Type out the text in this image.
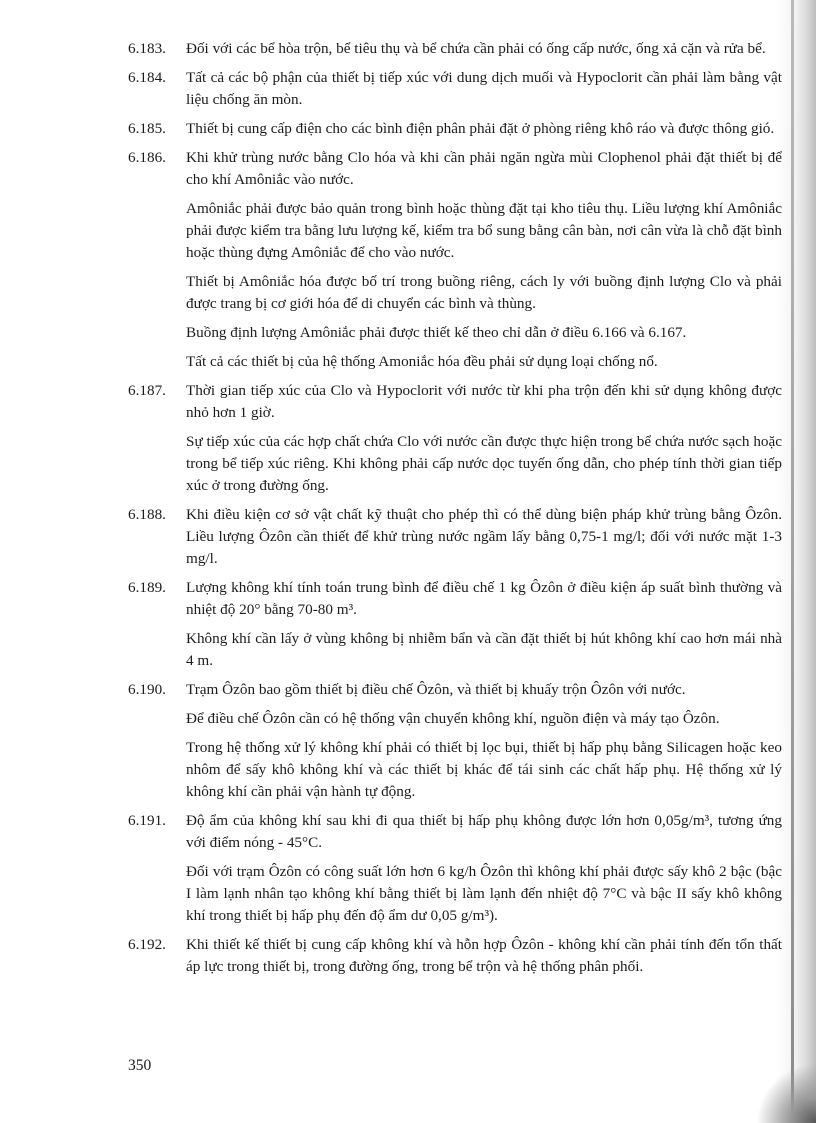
6.183.	Đối với các bể hòa trộn, bể tiêu thụ và bể chứa cần phải có ống cấp nước, ống xả cặn và rửa bể.

6.184.	Tất cả các bộ phận của thiết bị tiếp xúc với dung dịch muối và Hypoclorit cần phải làm bằng vật liệu chống ăn mòn.

6.185.	Thiết bị cung cấp điện cho các bình điện phân phải đặt ở phòng riêng khô ráo và được thông gió.

6.186.	Khi khử trùng nước bằng Clo hóa và khi cần phải ngăn ngừa mùi Clophenol phải đặt thiết bị để cho khí Amôniắc vào nước.

Amôniắc phải được bảo quản trong bình hoặc thùng đặt tại kho tiêu thụ. Liều lượng khí Amôniắc phải được kiểm tra bằng lưu lượng kế, kiểm tra bổ sung bằng cân bàn, nơi cân vừa là chỗ đặt bình hoặc thùng đựng Amôniắc để cho vào nước.

Thiết bị Amôniắc hóa được bố trí trong buồng riêng, cách ly với buồng định lượng Clo và phải được trang bị cơ giới hóa để di chuyển các bình và thùng.

Buồng định lượng Amôniắc phải được thiết kế theo chỉ dẫn ở điều 6.166 và 6.167.

Tất cả các thiết bị của hệ thống Amoniắc hóa đều phải sử dụng loại chống nổ.

6.187.	Thời gian tiếp xúc của Clo và Hypoclorit với nước từ khi pha trộn đến khi sử dụng không được nhỏ hơn 1 giờ.

Sự tiếp xúc của các hợp chất chứa Clo với nước cần được thực hiện trong bể chứa nước sạch hoặc trong bể tiếp xúc riêng. Khi không phải cấp nước dọc tuyến ống dẫn, cho phép tính thời gian tiếp xúc ở trong đường ống.

6.188.	Khi điều kiện cơ sở vật chất kỹ thuật cho phép thì có thể dùng biện pháp khử trùng bằng Ôzôn. Liều lượng Ôzôn cần thiết để khử trùng nước ngầm lấy bằng 0,75-1 mg/l; đối với nước mặt 1-3 mg/l.

6.189.	Lượng không khí tính toán trung bình để điều chế 1 kg Ôzôn ở điều kiện áp suất bình thường và nhiệt độ 20° bằng 70-80 m³.

Không khí cần lấy ở vùng không bị nhiễm bẩn và cần đặt thiết bị hút không khí cao hơn mái nhà 4 m.

6.190.	Trạm Ôzôn bao gồm thiết bị điều chế Ôzôn, và thiết bị khuấy trộn Ôzôn với nước.

Để điều chế Ôzôn cần có hệ thống vận chuyển không khí, nguồn điện và máy tạo Ôzôn.

Trong hệ thống xử lý không khí phải có thiết bị lọc bụi, thiết bị hấp phụ bằng Silicagen hoặc keo nhôm để sấy khô không khí và các thiết bị khác để tái sinh các chất hấp phụ. Hệ thống xử lý không khí cần phải vận hành tự động.

6.191.	Độ ẩm của không khí sau khi đi qua thiết bị hấp phụ không được lớn hơn 0,05g/m³, tương ứng với điểm nóng - 45°C.

Đối với trạm Ôzôn có công suất lớn hơn 6 kg/h Ôzôn thì không khí phải được sấy khô 2 bậc (bậc I làm lạnh nhân tạo không khí bằng thiết bị làm lạnh đến nhiệt độ 7°C và bậc II sấy khô không khí trong thiết bị hấp phụ đến độ ẩm dư 0,05 g/m³).

6.192.	Khi thiết kế thiết bị cung cấp không khí và hỗn hợp Ôzôn - không khí cần phải tính đến tổn thất áp lực trong thiết bị, trong đường ống, trong bể trộn và hệ thống phân phối.

350
